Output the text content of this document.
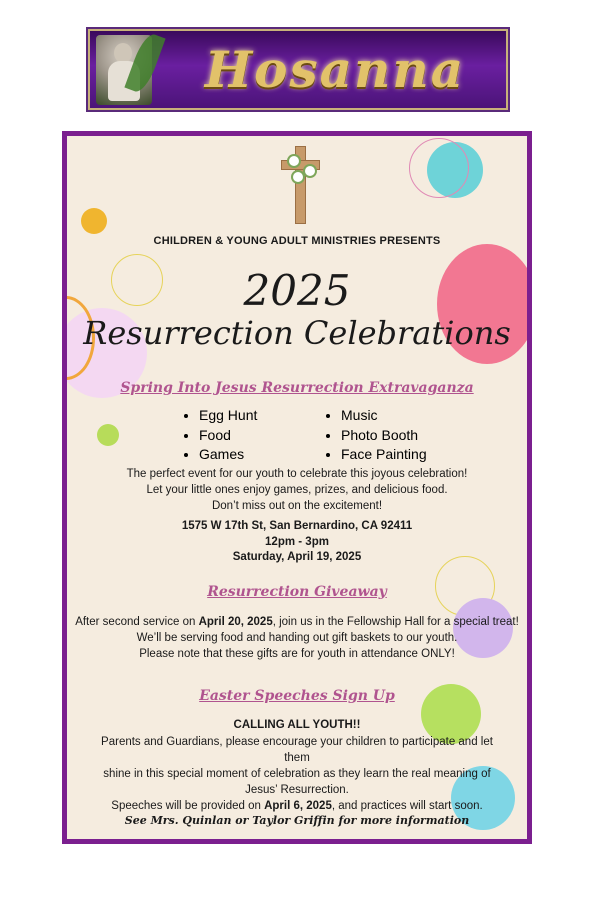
Hosanna
CHILDREN & YOUNG ADULT MINISTRIES PRESENTS
2025
Resurrection Celebrations
Spring Into Jesus Resurrection Extravaganza
• Egg Hunt
• Food
• Games
• Music
• Photo Booth
• Face Painting
The perfect event for our youth to celebrate this joyous celebration!
Let your little ones enjoy games, prizes, and delicious food.
Don’t miss out on the excitement!
1575 W 17th St, San Bernardino, CA 92411
12pm - 3pm
Saturday, April 19, 2025
Resurrection Giveaway
After second service on April 20, 2025, join us in the Fellowship Hall for a special treat!
We’ll be serving food and handing out gift baskets to our youth.
Please note that these gifts are for youth in attendance ONLY!
Easter Speeches Sign Up
CALLING ALL YOUTH!!
Parents and Guardians, please encourage your children to participate and let them
shine in this special moment of celebration as they learn the real meaning of
Jesus’ Resurrection.
Speeches will be provided on April 6, 2025, and practices will start soon.
See Mrs. Quinlan or Taylor Griffin for more information
